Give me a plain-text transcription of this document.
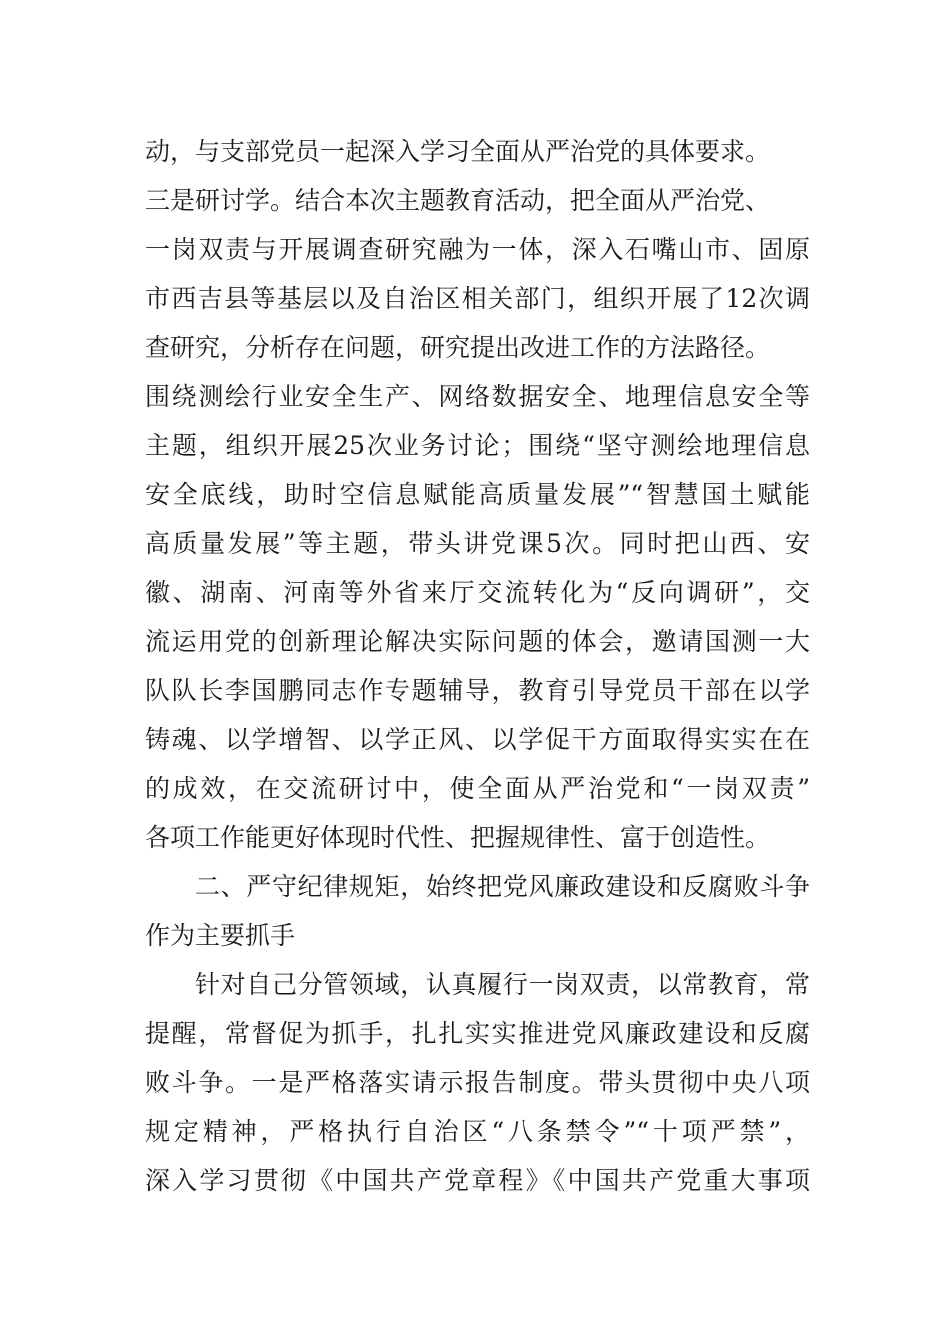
动，与支部党员一起深入学习全面从严治党的具体要求。
三是研讨学。结合本次主题教育活动，把全面从严治党、
一岗双责与开展调查研究融为一体，深入石嘴山市、固原
市西吉县等基层以及自治区相关部门，组织开展了12次调
查研究，分析存在问题，研究提出改进工作的方法路径。
围绕测绘行业安全生产、网络数据安全、地理信息安全等
主题，组织开展25次业务讨论；围绕“坚守测绘地理信息
安全底线，助时空信息赋能高质量发展”“智慧国土赋能
高质量发展”等主题，带头讲党课5次。同时把山西、安
徽、湖南、河南等外省来厅交流转化为“反向调研”，交
流运用党的创新理论解决实际问题的体会，邀请国测一大
队队长李国鹏同志作专题辅导，教育引导党员干部在以学
铸魂、以学增智、以学正风、以学促干方面取得实实在在
的成效，在交流研讨中，使全面从严治党和“一岗双责”
各项工作能更好体现时代性、把握规律性、富于创造性。
二、严守纪律规矩，始终把党风廉政建设和反腐败斗争
作为主要抓手
针对自己分管领域，认真履行一岗双责，以常教育，常
提醒，常督促为抓手，扎扎实实推进党风廉政建设和反腐
败斗争。一是严格落实请示报告制度。带头贯彻中央八项
规定精神，严格执行自治区“八条禁令”“十项严禁”，
深入学习贯彻《中国共产党章程》《中国共产党重大事项
